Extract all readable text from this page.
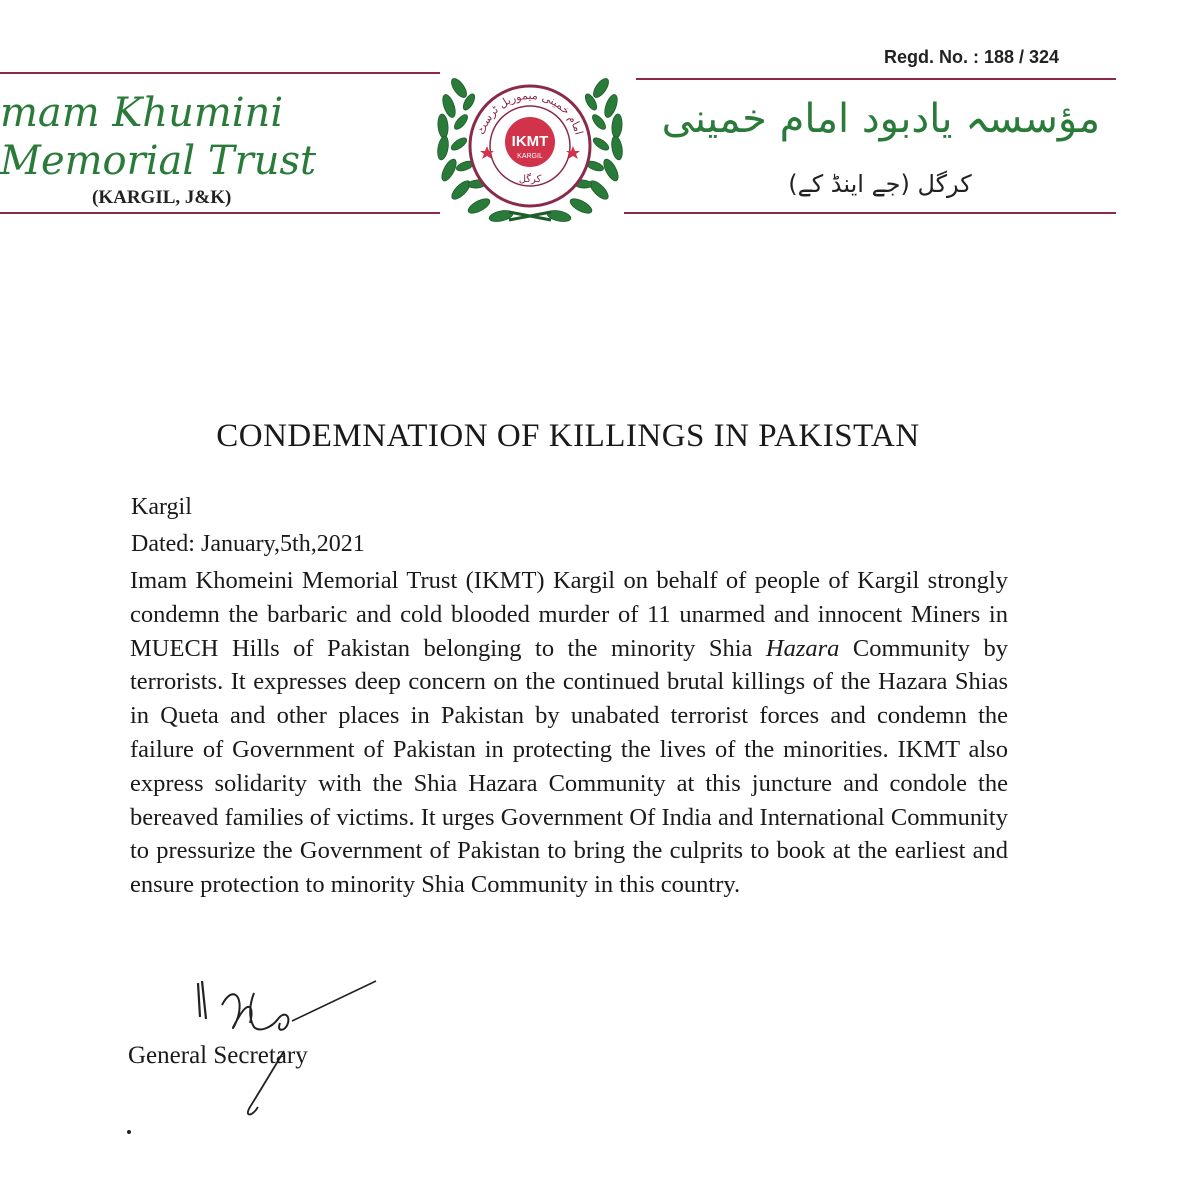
Regd. No. : 188 / 324
mam Khumini
Memorial Trust
(KARGIL, J&K)
مؤسسہ یادبود امام خمینی
کرگل (جے اینڈ کے)
امام خمینی میموریل ٹرسٹ
IKMT
KARGIL
کرگل
CONDEMNATION OF KILLINGS IN PAKISTAN
Kargil
Dated: January,5th,2021
Imam Khomeini Memorial Trust (IKMT) Kargil on behalf of people of Kargil strongly condemn the barbaric and cold blooded murder of 11 unarmed and innocent Miners in MUECH Hills of Pakistan belonging to the minority Shia Hazara Community by terrorists. It expresses deep concern on the continued brutal killings of the Hazara Shias in Queta and other places in Pakistan by unabated terrorist forces and condemn the failure of Government of Pakistan in protecting the lives of the minorities. IKMT also express solidarity with the Shia Hazara Community at this juncture and condole the bereaved families of victims. It urges Government Of India and International Community to pressurize the Government of Pakistan to bring the culprits to book at the earliest and ensure protection to minority Shia Community in this country.
General Secretary
